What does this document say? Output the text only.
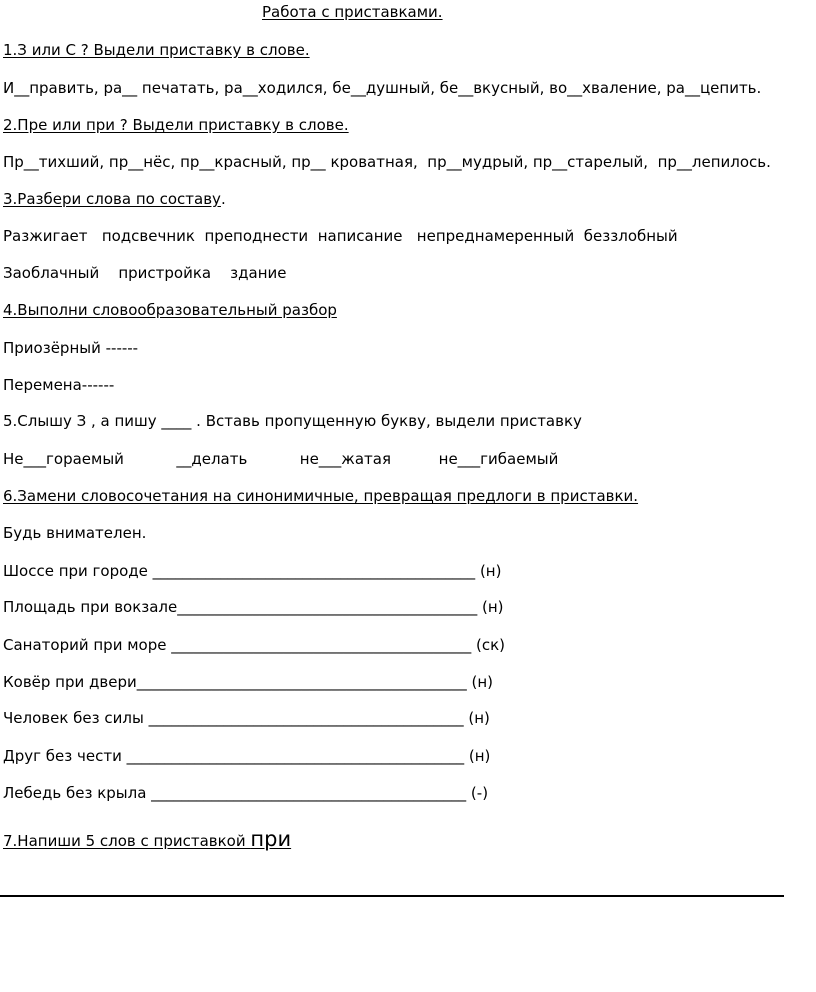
Работа с приставками.
1.З или С ? Выдели приставку в слове.
И__править, ра__ печатать, ра__ходился, бе__душный, бе__вкусный, во__хваление, ра__цепить.
2.Пре или при ? Выдели приставку в слове.
Пр__тихший, пр__нёс, пр__красный, пр__ кроватная,  пр__мудрый, пр__старелый,  пр__лепилось.
3.Разбери слова по составу.
Разжигает   подсвечник  преподнести  написание   непреднамеренный  беззлобный
Заоблачный    пристройка    здание
4.Выполни словообразовательный разбор
Приозёрный ------
Перемена------
5.Слышу З , а пишу ____ . Вставь пропущенную букву, выдели приставку
Не___гораемый           __делать           не___жатая          не___гибаемый
6.Замени словосочетания на синонимичные, превращая предлоги в приставки.
Будь внимателен.
Шоссе при городе ___________________________________________ (н)
Площадь при вокзале________________________________________ (н)
Санаторий при море ________________________________________ (ск)
Ковёр при двери____________________________________________ (н)
Человек без силы __________________________________________ (н)
Друг без чести _____________________________________________ (н)
Лебедь без крыла __________________________________________ (-)
7.Напиши 5 слов с приставкой при
